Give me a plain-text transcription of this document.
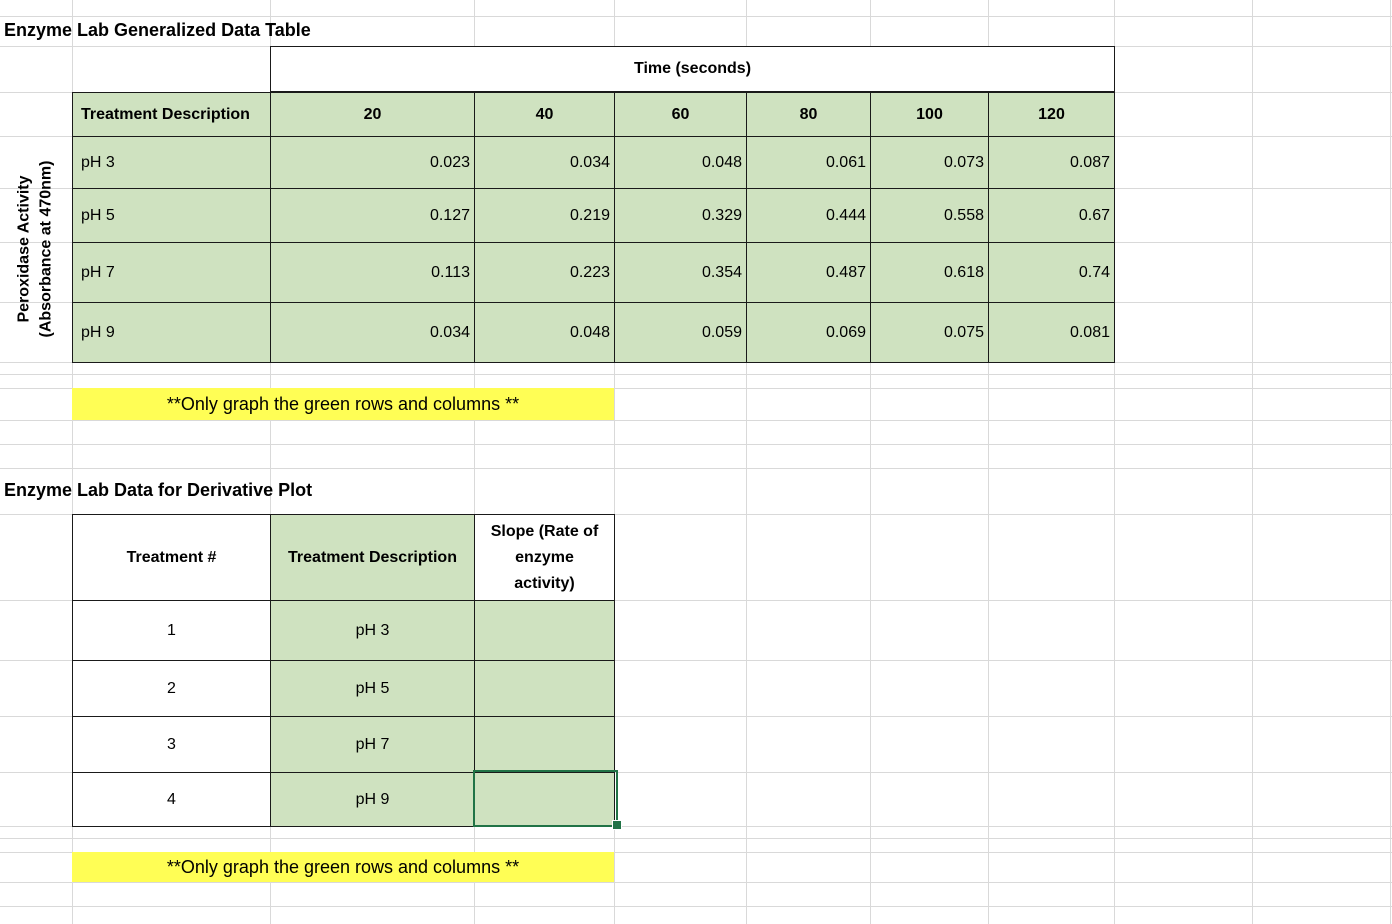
Enzyme Lab Generalized Data Table
Time (seconds)
Treatment Description	20	40	60	80	100	120
Peroxidase Activity (Absorbance at 470nm)	pH 3	0.023	0.034	0.048	0.061	0.073	0.087
pH 5	0.127	0.219	0.329	0.444	0.558	0.67
pH 7	0.113	0.223	0.354	0.487	0.618	0.74
pH 9	0.034	0.048	0.059	0.069	0.075	0.081
**Only graph the green rows and columns **
Enzyme Lab Data for Derivative Plot
Treatment #	Treatment Description
Slope (Rate of
enzyme
activity)
1	pH 3
2	pH 5
3	pH 7
4	pH 9
**Only graph the green rows and columns **
